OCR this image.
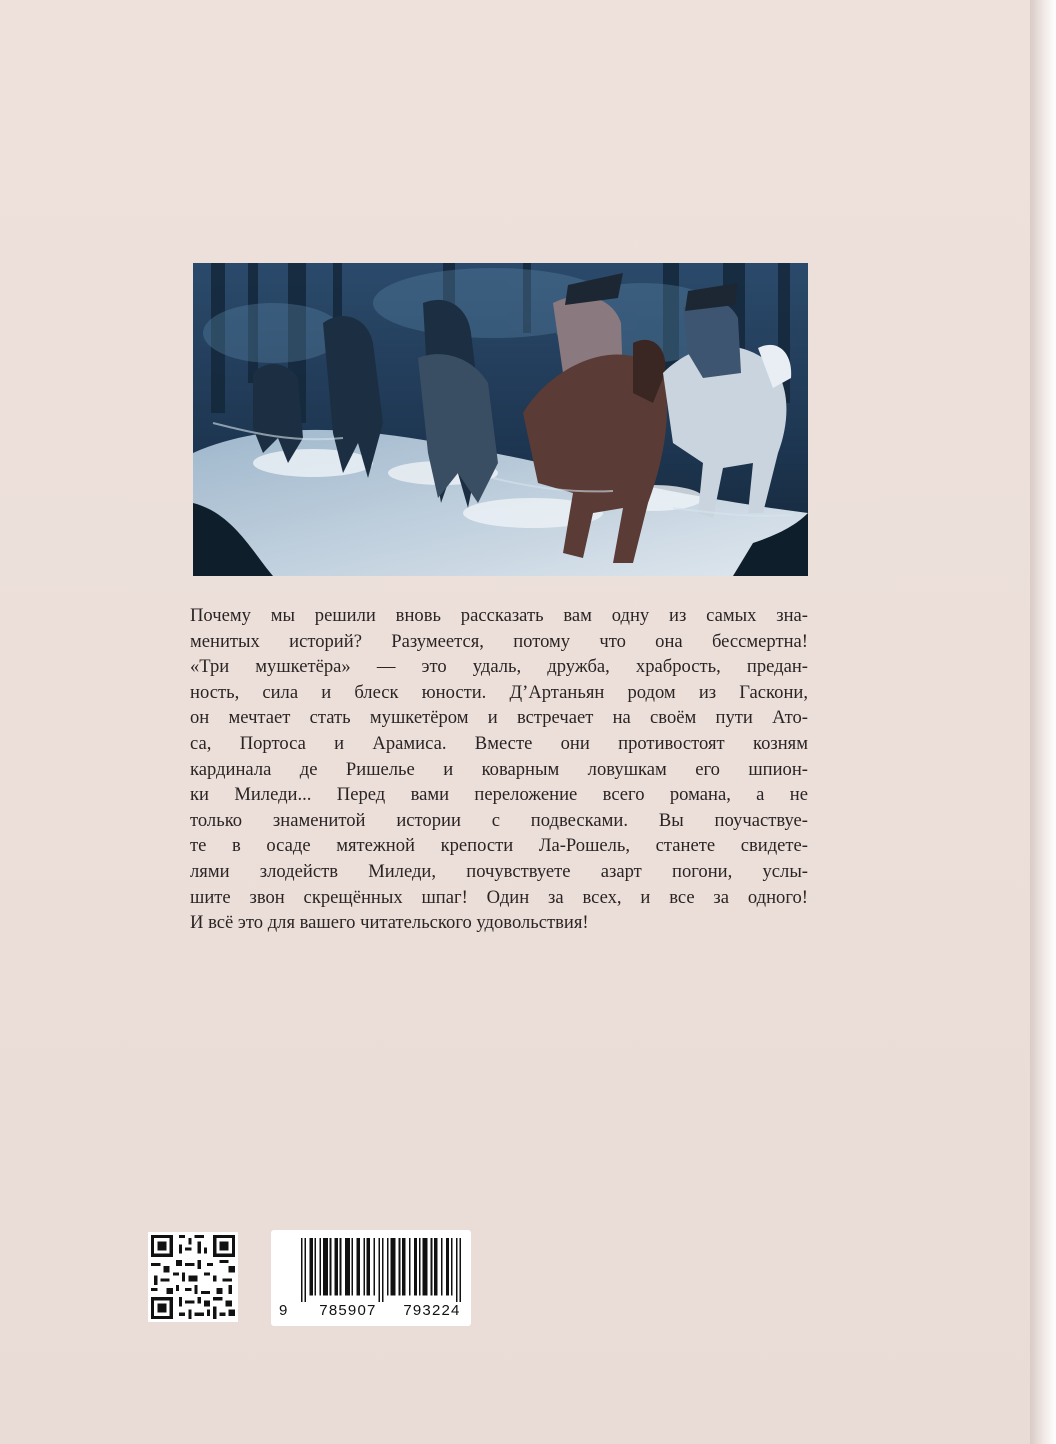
Почему мы решили вновь рассказать вам одну из самых зна-
менитых историй? Разумеется, потому что она бессмертна!
«Три мушкетёра» — это удаль, дружба, храбрость, предан-
ность, сила и блеск юности. Д’Артаньян родом из Гаскони,
он мечтает стать мушкетёром и встречает на своём пути Ато-
са, Портоса и Арамиса. Вместе они противостоят козням
кардинала де Ришелье и коварным ловушкам его шпион-
ки Миледи... Перед вами переложение всего романа, а не
только знаменитой истории с подвесками. Вы поучаствуе-
те в осаде мятежной крепости Ла-Рошель, станете свидете-
лями злодейств Миледи, почувствуете азарт погони, услы-
шите звон скрещённых шпаг! Один за всех, и все за одного!
И всё это для вашего читательского удовольствия!
9 785907 793224
